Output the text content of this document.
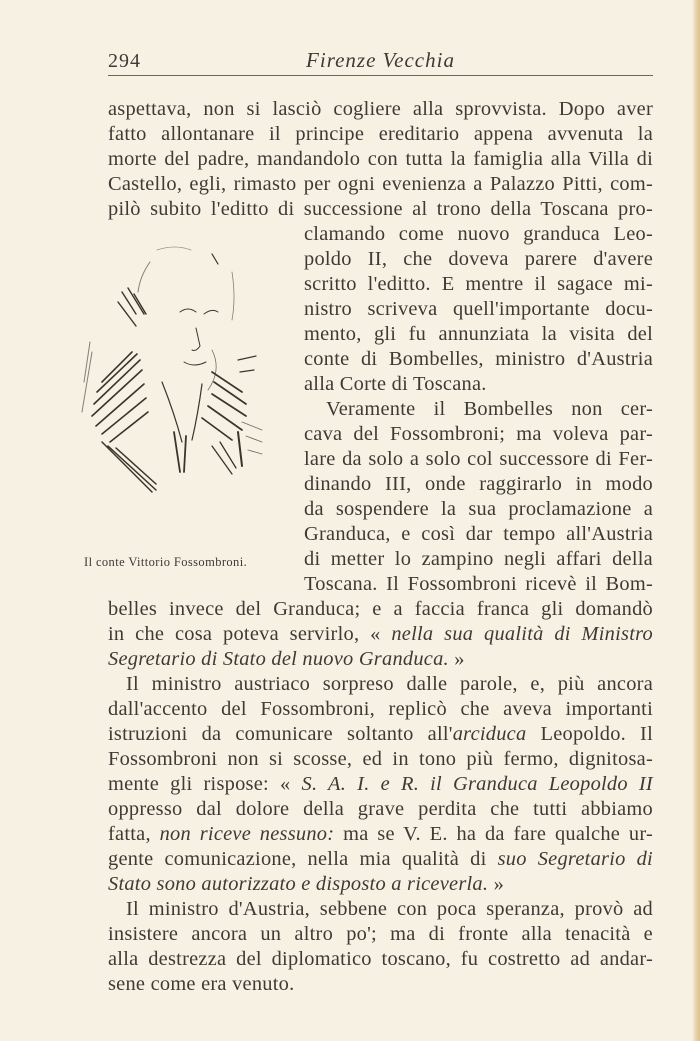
294	Firenze Vecchia
Il conte Vittorio Fossombroni.
aspettava, non si lasciò cogliere alla sprovvista. Dopo aver
fatto allontanare il principe ereditario appena avvenuta la
morte del padre, mandandolo con tutta la famiglia alla Villa di
Castello, egli, rimasto per ogni evenienza a Palazzo Pitti, com-
pilò subito l'editto di successione al trono della Toscana pro-
clamando come nuovo granduca Leo-
poldo II, che doveva parere d'avere
scritto l'editto. E mentre il sagace mi-
nistro scriveva quell'importante docu-
mento, gli fu annunziata la visita del
conte di Bombelles, ministro d'Austria
alla Corte di Toscana.
Veramente il Bombelles non cer-
cava del Fossombroni; ma voleva par-
lare da solo a solo col successore di Fer-
dinando III, onde raggirarlo in modo
da sospendere la sua proclamazione a
Granduca, e così dar tempo all'Austria
di metter lo zampino negli affari della
Toscana. Il Fossombroni ricevè il Bom-
belles invece del Granduca; e a faccia franca gli domandò
in che cosa poteva servirlo, « nella sua qualità di Ministro
Segretario di Stato del nuovo Granduca. »
Il ministro austriaco sorpreso dalle parole, e, più ancora
dall'accento del Fossombroni, replicò che aveva importanti
istruzioni da comunicare soltanto all'arciduca Leopoldo. Il
Fossombroni non si scosse, ed in tono più fermo, dignitosa-
mente gli rispose: « S. A. I. e R. il Granduca Leopoldo II
oppresso dal dolore della grave perdita che tutti abbiamo
fatta, non riceve nessuno: ma se V. E. ha da fare qualche ur-
gente comunicazione, nella mia qualità di suo Segretario di
Stato sono autorizzato e disposto a riceverla. »
Il ministro d'Austria, sebbene con poca speranza, provò ad
insistere ancora un altro po'; ma di fronte alla tenacità e
alla destrezza del diplomatico toscano, fu costretto ad andar-
sene come era venuto.
